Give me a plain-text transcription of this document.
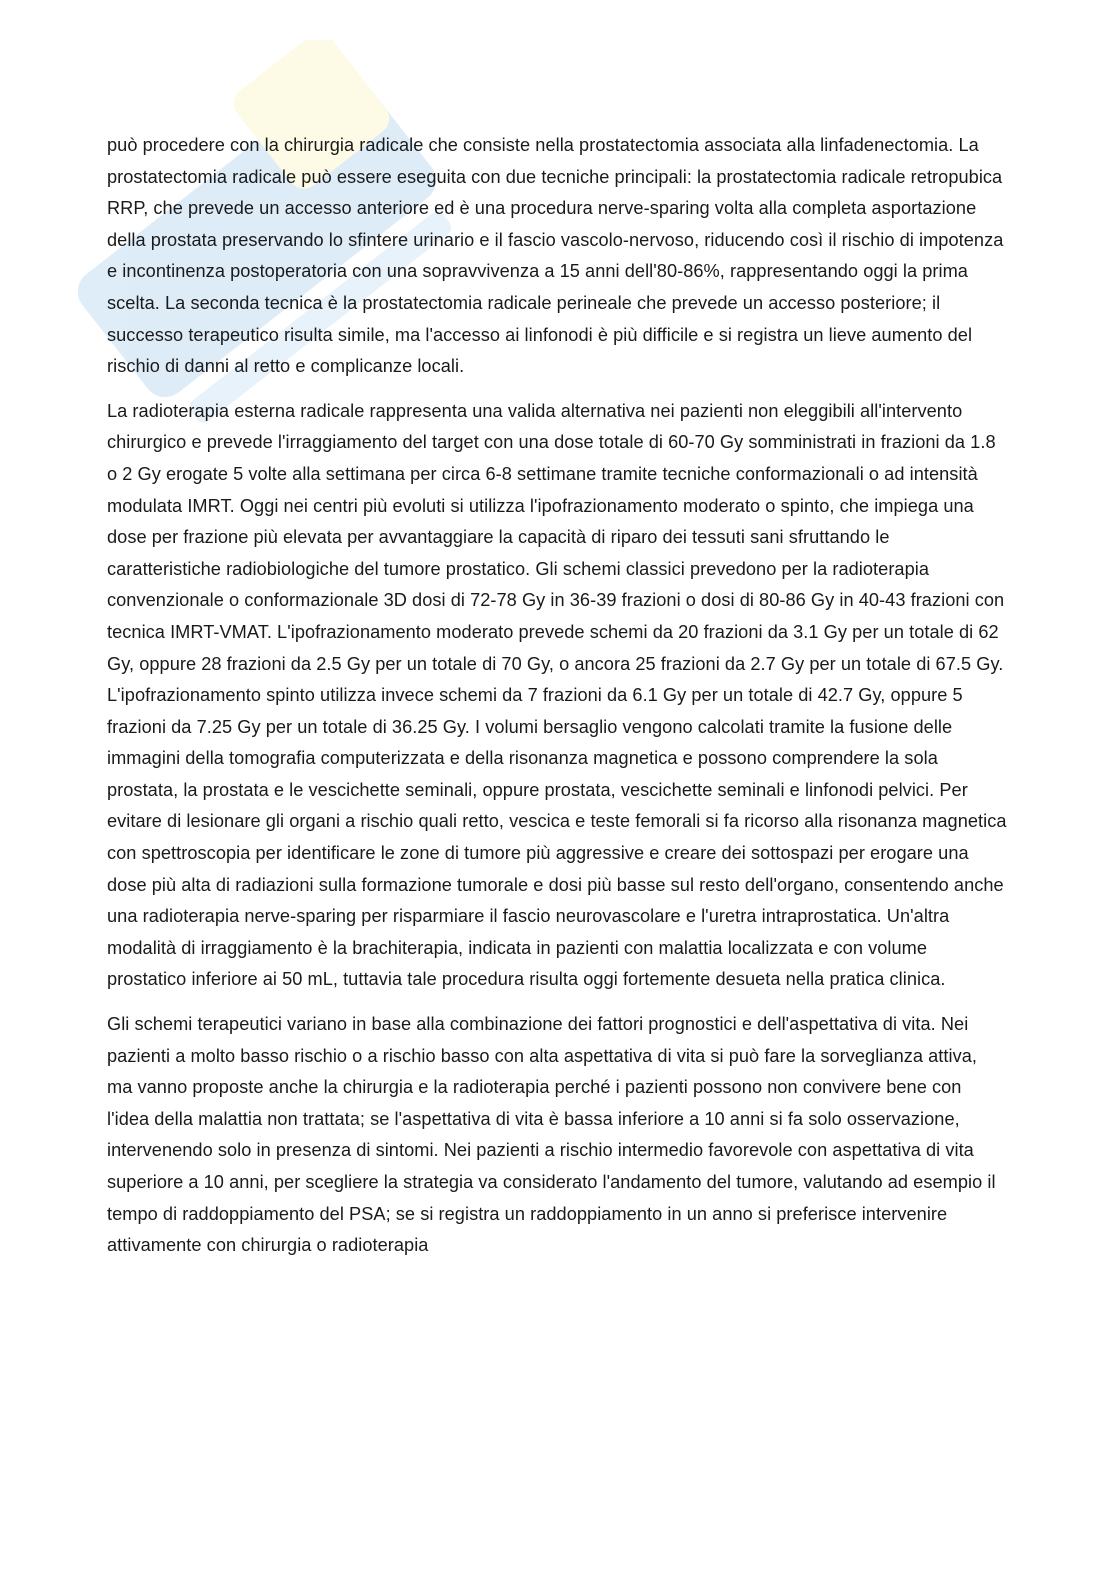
può procedere con la chirurgia radicale che consiste nella prostatectomia associata alla linfadenectomia. La prostatectomia radicale può essere eseguita con due tecniche principali: la prostatectomia radicale retropubica RRP, che prevede un accesso anteriore ed è una procedura nerve-sparing volta alla completa asportazione della prostata preservando lo sfintere urinario e il fascio vascolo-nervoso, riducendo così il rischio di impotenza e incontinenza postoperatoria con una sopravvivenza a 15 anni dell'80-86%, rappresentando oggi la prima scelta. La seconda tecnica è la prostatectomia radicale perineale che prevede un accesso posteriore; il successo terapeutico risulta simile, ma l'accesso ai linfonodi è più difficile e si registra un lieve aumento del rischio di danni al retto e complicanze locali.

La radioterapia esterna radicale rappresenta una valida alternativa nei pazienti non eleggibili all'intervento chirurgico e prevede l'irraggiamento del target con una dose totale di 60-70 Gy somministrati in frazioni da 1.8 o 2 Gy erogate 5 volte alla settimana per circa 6-8 settimane tramite tecniche conformazionali o ad intensità modulata IMRT. Oggi nei centri più evoluti si utilizza l'ipofrazionamento moderato o spinto, che impiega una dose per frazione più elevata per avvantaggiare la capacità di riparo dei tessuti sani sfruttando le caratteristiche radiobiologiche del tumore prostatico. Gli schemi classici prevedono per la radioterapia convenzionale o conformazionale 3D dosi di 72-78 Gy in 36-39 frazioni o dosi di 80-86 Gy in 40-43 frazioni con tecnica IMRT-VMAT. L'ipofrazionamento moderato prevede schemi da 20 frazioni da 3.1 Gy per un totale di 62 Gy, oppure 28 frazioni da 2.5 Gy per un totale di 70 Gy, o ancora 25 frazioni da 2.7 Gy per un totale di 67.5 Gy. L'ipofrazionamento spinto utilizza invece schemi da 7 frazioni da 6.1 Gy per un totale di 42.7 Gy, oppure 5 frazioni da 7.25 Gy per un totale di 36.25 Gy. I volumi bersaglio vengono calcolati tramite la fusione delle immagini della tomografia computerizzata e della risonanza magnetica e possono comprendere la sola prostata, la prostata e le vescichette seminali, oppure prostata, vescichette seminali e linfonodi pelvici. Per evitare di lesionare gli organi a rischio quali retto, vescica e teste femorali si fa ricorso alla risonanza magnetica con spettroscopia per identificare le zone di tumore più aggressive e creare dei sottospazi per erogare una dose più alta di radiazioni sulla formazione tumorale e dosi più basse sul resto dell'organo, consentendo anche una radioterapia nerve-sparing per risparmiare il fascio neurovascolare e l'uretra intraprostatica. Un'altra modalità di irraggiamento è la brachiterapia, indicata in pazienti con malattia localizzata e con volume prostatico inferiore ai 50 mL, tuttavia tale procedura risulta oggi fortemente desueta nella pratica clinica.

Gli schemi terapeutici variano in base alla combinazione dei fattori prognostici e dell'aspettativa di vita. Nei pazienti a molto basso rischio o a rischio basso con alta aspettativa di vita si può fare la sorveglianza attiva, ma vanno proposte anche la chirurgia e la radioterapia perché i pazienti possono non convivere bene con l'idea della malattia non trattata; se l'aspettativa di vita è bassa inferiore a 10 anni si fa solo osservazione, intervenendo solo in presenza di sintomi. Nei pazienti a rischio intermedio favorevole con aspettativa di vita superiore a 10 anni, per scegliere la strategia va considerato l'andamento del tumore, valutando ad esempio il tempo di raddoppiamento del PSA; se si registra un raddoppiamento in un anno si preferisce intervenire attivamente con chirurgia o radioterapia
